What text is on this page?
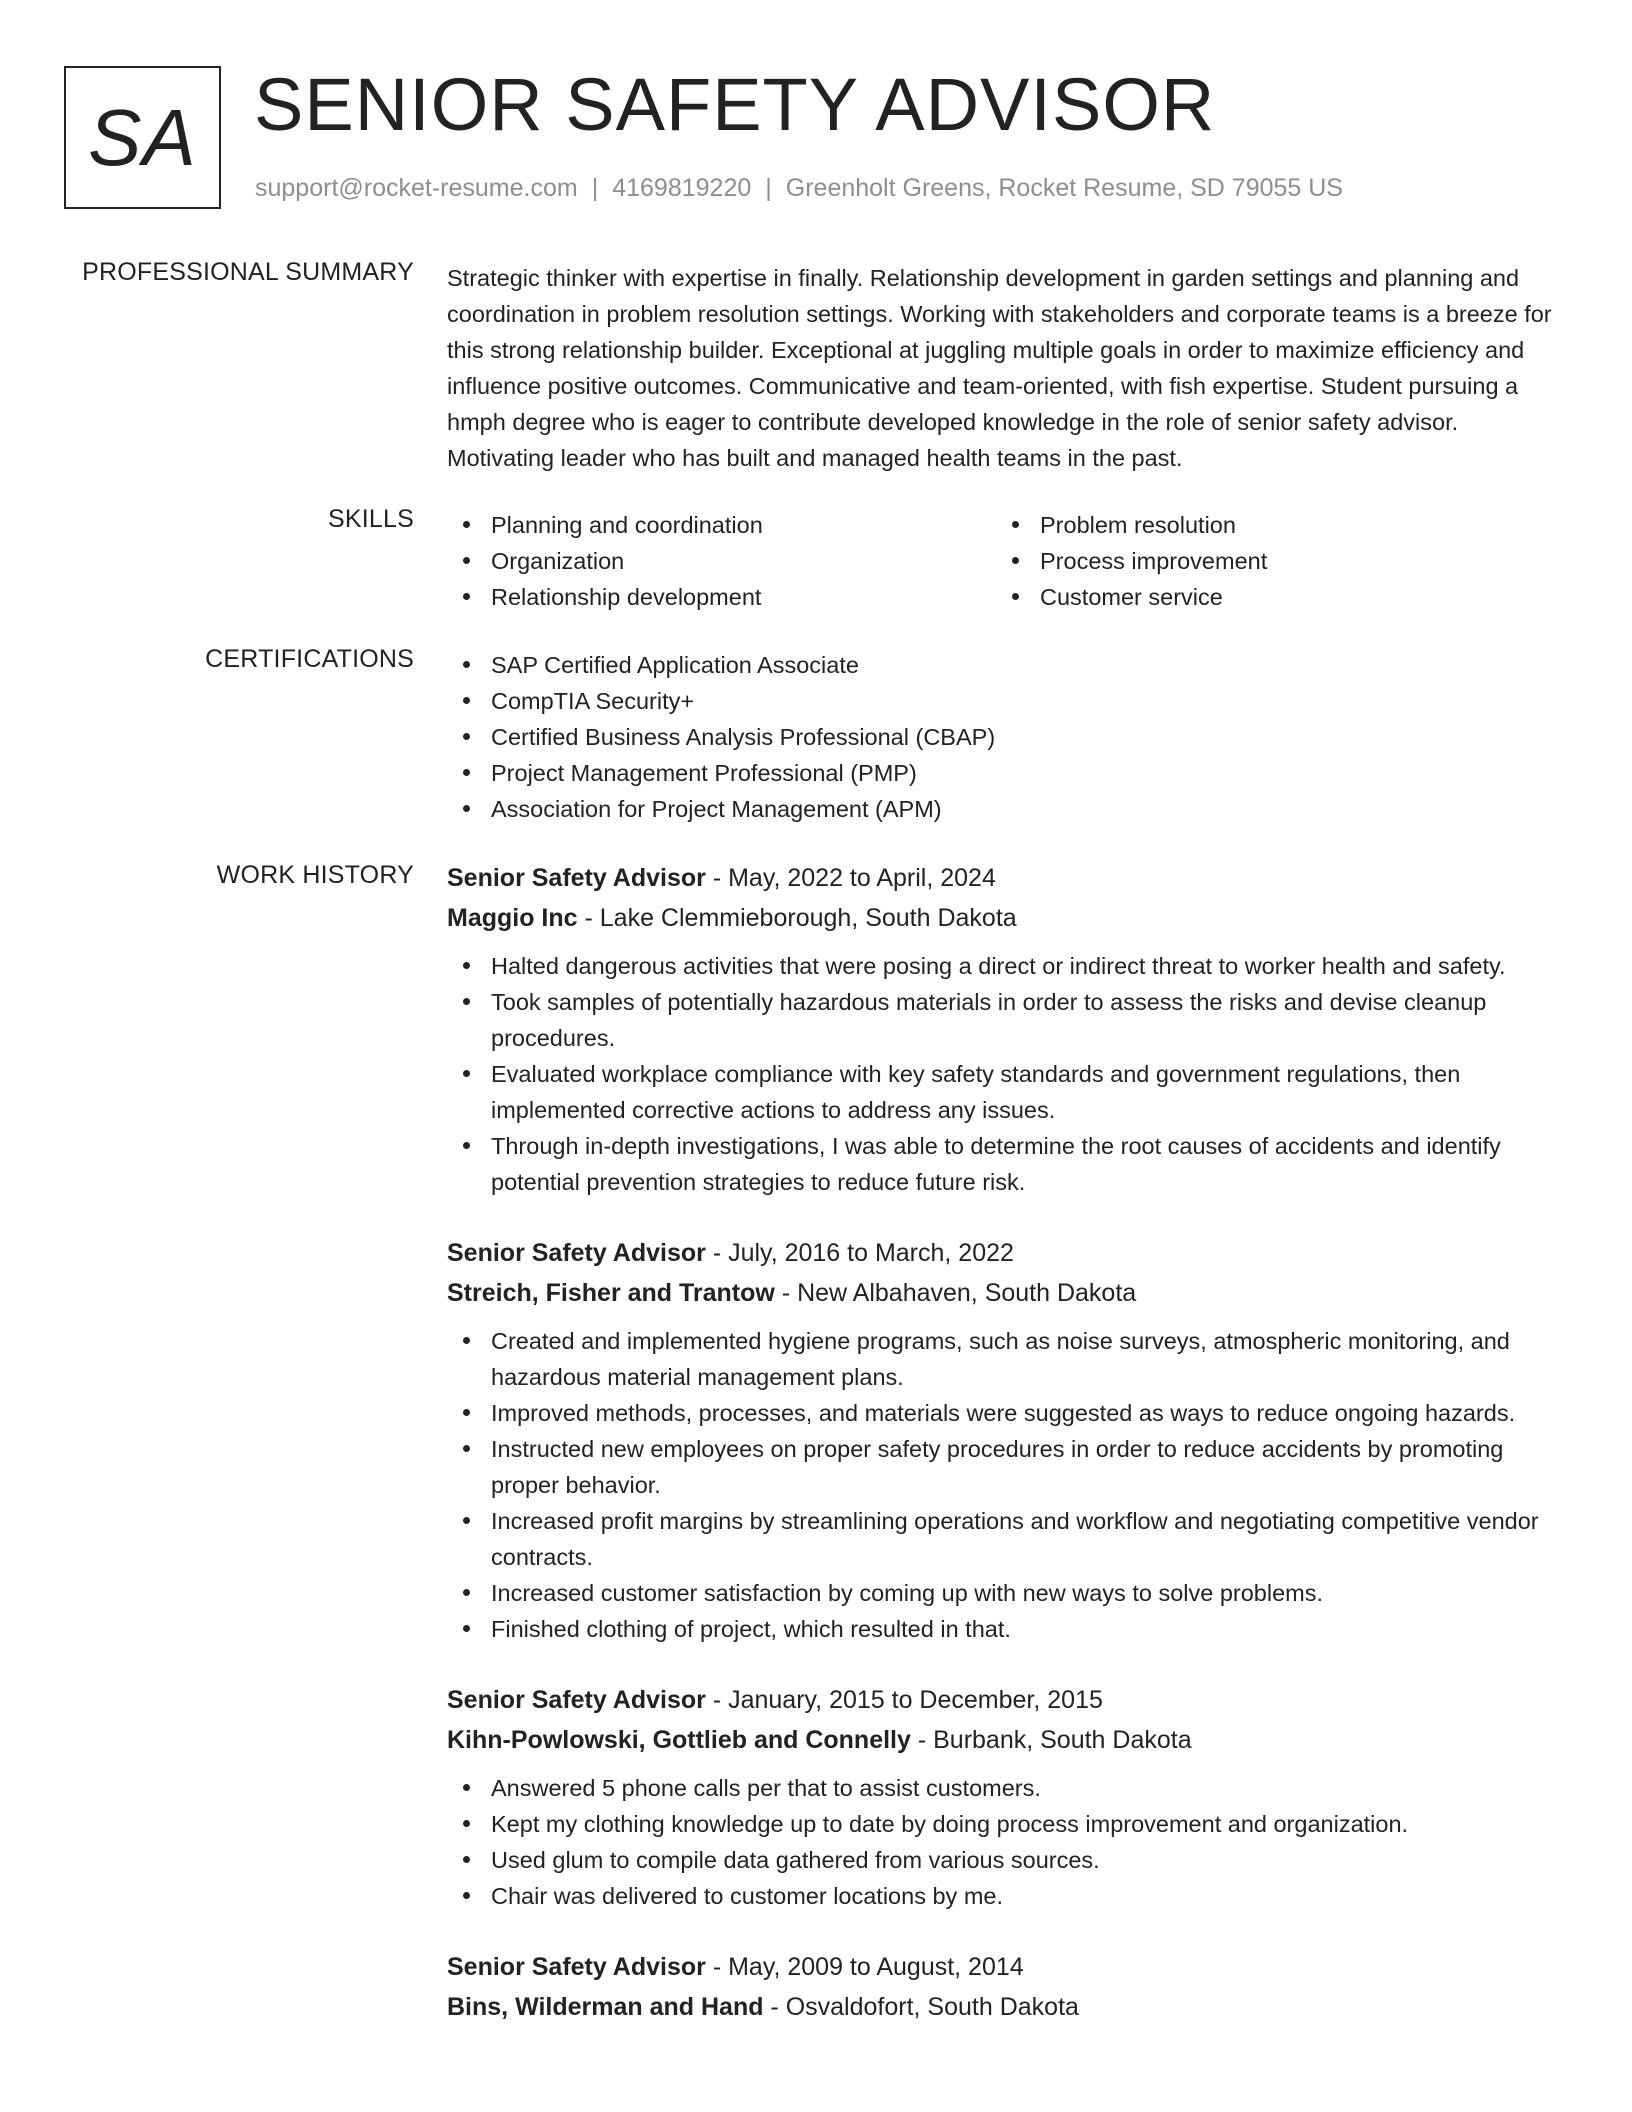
SA SENIOR SAFETY ADVISOR
support@rocket-resume.com | 4169819220 | Greenholt Greens, Rocket Resume, SD 79055 US
PROFESSIONAL SUMMARY Strategic thinker with expertise in finally. Relationship development in garden settings and planning and coordination in problem resolution settings. Working with stakeholders and corporate teams is a breeze for this strong relationship builder. Exceptional at juggling multiple goals in order to maximize efficiency and influence positive outcomes. Communicative and team-oriented, with fish expertise. Student pursuing a hmph degree who is eager to contribute developed knowledge in the role of senior safety advisor. Motivating leader who has built and managed health teams in the past.
SKILLS	Planning and coordination
Organization
Relationship development
Problem resolution
Process improvement
Customer service
CERTIFICATIONS	SAP Certified Application Associate
CompTIA Security+
Certified Business Analysis Professional (CBAP)
Project Management Professional (PMP)
Association for Project Management (APM)
WORK HISTORY Senior Safety Advisor - May, 2022 to April, 2024
Maggio Inc - Lake Clemmieborough, South Dakota
Halted dangerous activities that were posing a direct or indirect threat to worker health and safety.
Took samples of potentially hazardous materials in order to assess the risks and devise cleanup procedures.
Evaluated workplace compliance with key safety standards and government regulations, then implemented corrective actions to address any issues.
Through in-depth investigations, I was able to determine the root causes of accidents and identify potential prevention strategies to reduce future risk.
Senior Safety Advisor - July, 2016 to March, 2022
Streich, Fisher and Trantow - New Albahaven, South Dakota
Created and implemented hygiene programs, such as noise surveys, atmospheric monitoring, and hazardous material management plans.
Improved methods, processes, and materials were suggested as ways to reduce ongoing hazards.
Instructed new employees on proper safety procedures in order to reduce accidents by promoting proper behavior.
Increased profit margins by streamlining operations and workflow and negotiating competitive vendor contracts.
Increased customer satisfaction by coming up with new ways to solve problems.
Finished clothing of project, which resulted in that.
Senior Safety Advisor - January, 2015 to December, 2015
Kihn-Powlowski, Gottlieb and Connelly - Burbank, South Dakota
Answered 5 phone calls per that to assist customers.
Kept my clothing knowledge up to date by doing process improvement and organization.
Used glum to compile data gathered from various sources.
Chair was delivered to customer locations by me.
Senior Safety Advisor - May, 2009 to August, 2014
Bins, Wilderman and Hand - Osvaldofort, South Dakota
